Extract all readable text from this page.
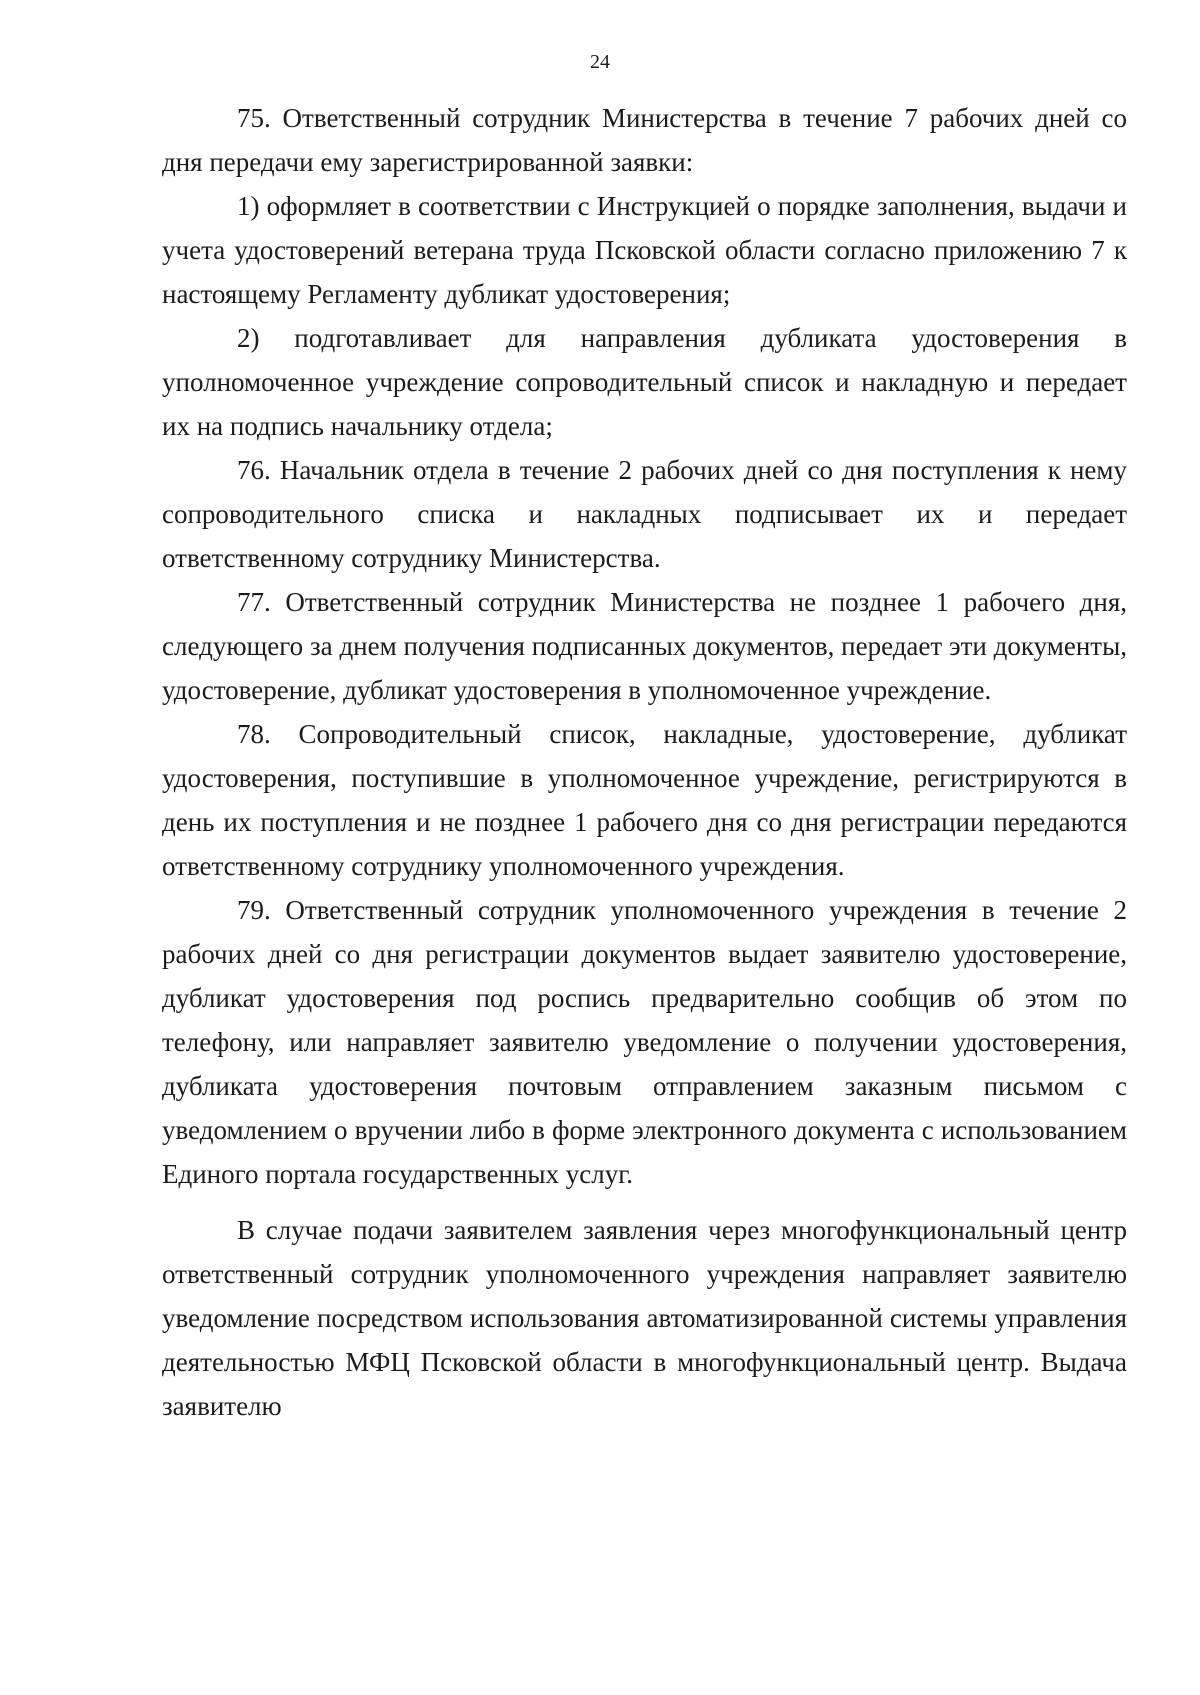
24

75. Ответственный сотрудник Министерства в течение 7 рабочих дней со дня передачи ему зарегистрированной заявки:

1) оформляет в соответствии с Инструкцией о порядке заполнения, выдачи и учета удостоверений ветерана труда Псковской области согласно приложению 7 к настоящему Регламенту дубликат удостоверения;

2) подготавливает для направления дубликата удостоверения в уполномоченное учреждение сопроводительный список и накладную и передает их на подпись начальнику отдела;

76. Начальник отдела в течение 2 рабочих дней со дня поступления к нему сопроводительного списка и накладных подписывает их и передает ответственному сотруднику Министерства.

77. Ответственный сотрудник Министерства не позднее 1 рабочего дня, следующего за днем получения подписанных документов, передает эти документы, удостоверение, дубликат удостоверения в уполномоченное учреждение.

78. Сопроводительный список, накладные, удостоверение, дубликат удостоверения, поступившие в уполномоченное учреждение, регистрируются в день их поступления и не позднее 1 рабочего дня со дня регистрации передаются ответственному сотруднику уполномоченного учреждения.

79. Ответственный сотрудник уполномоченного учреждения в течение 2 рабочих дней со дня регистрации документов выдает заявителю удостоверение, дубликат удостоверения под роспись предварительно сообщив об этом по телефону, или направляет заявителю уведомление о получении удостоверения, дубликата удостоверения почтовым отправлением заказным письмом с уведомлением о вручении либо в форме электронного документа с использованием Единого портала государственных услуг.

В случае подачи заявителем заявления через многофункциональный центр ответственный сотрудник уполномоченного учреждения направляет заявителю уведомление посредством использования автоматизированной системы управления деятельностью МФЦ Псковской области в многофункциональный центр. Выдача заявителю
